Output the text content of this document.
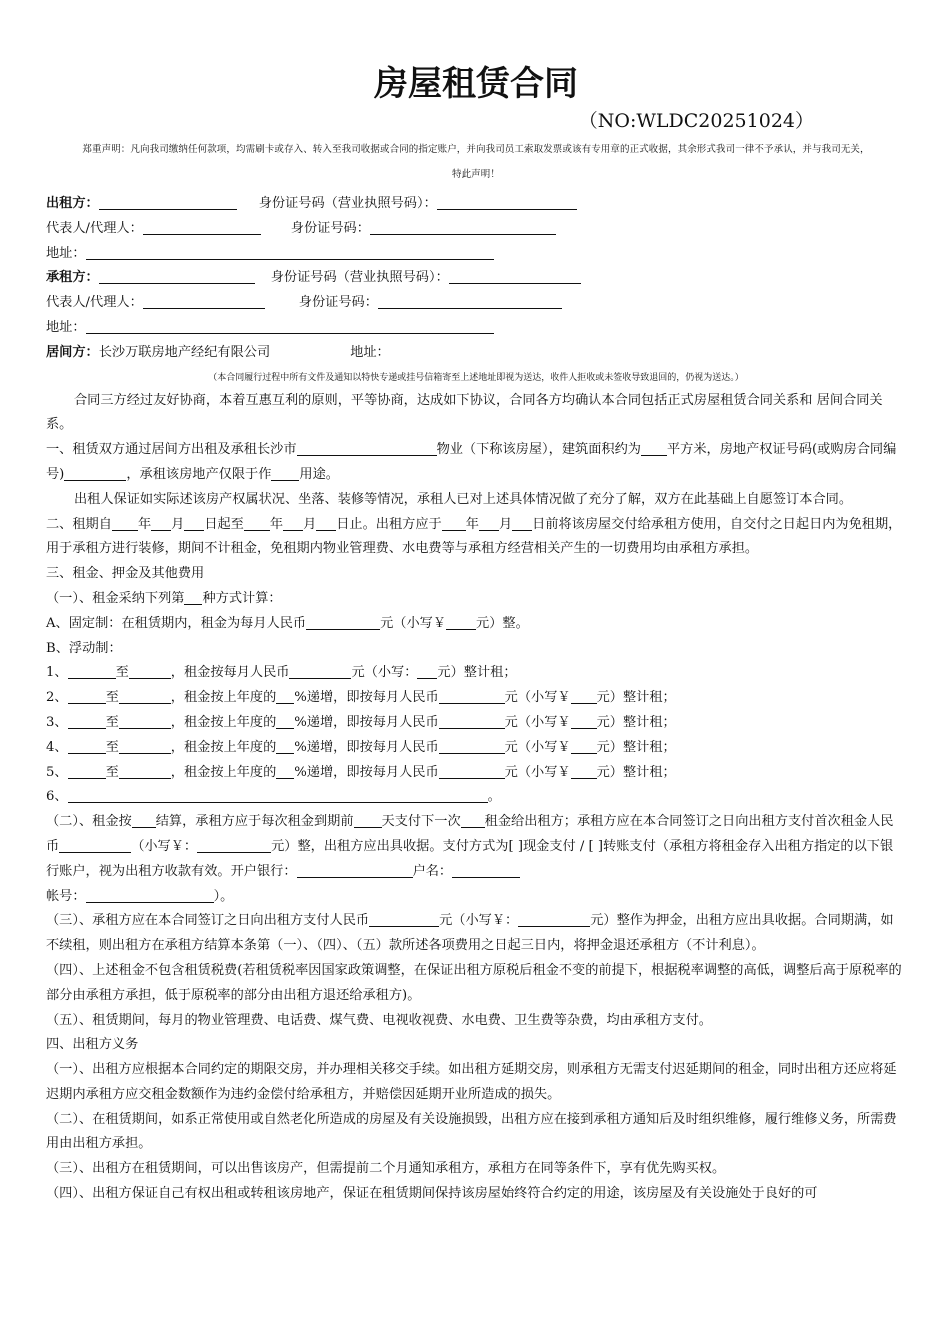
房屋租赁合同
（NO:WLDC20251024）
郑重声明：凡向我司缴纳任何款项，均需刷卡或存入、转入至我司收据或合同的指定账户，并向我司员工索取发票或该有专用章的正式收据，其余形式我司一律不予承认，并与我司无关，
特此声明！

出租方：	身份证号码（营业执照号码）：

代表人/代理人：	身份证号码：

地址：

承租方：	身份证号码（营业执照号码）：

代表人/代理人：	身份证号码：

地址：

居间方：长沙万联房地产经纪有限公司	地址：

（本合同履行过程中所有文件及通知以特快专递或挂号信箱寄至上述地址即视为送达，收件人拒收或未签收导致退回的，仍视为送达。）

合同三方经过友好协商，本着互惠互利的原则，平等协商，达成如下协议，合同各方均确认本合同包括正式房屋租赁合同关系和 居间合同关系。

一、租赁双方通过居间方出租及承租长沙市	物业（下称该房屋），建筑面积约为 平方米，房地产权证号码(或购房合同编号)	，承租该房地产仅限于作 用途。

出租人保证如实际述该房产权属状况、坐落、装修等情况，承租人已对上述具体情况做了充分了解，双方在此基础上自愿签订本合同。

二、租期自 年 月 日起至 年 月 日止。出租方应于 年 月 日前将该房屋交付给承租方使用，自交付之日起日内为免租期，用于承租方进行装修，期间不计租金，免租期内物业管理费、水电费等与承租方经营相关产生的一切费用均由承租方承担。

三、租金、押金及其他费用

（一）、租金采纳下列第 种方式计算：

A、固定制：在租赁期内，租金为每月人民币	元（小写￥ 元）整。

B、浮动制：

1、	至	，租金按每月人民币	元（小写： 元）整计租；

2、	至	，租金按上年度的 %递增，即按每月人民币	元（小写￥ 元）整计租；

3、	至	，租金按上年度的 %递增，即按每月人民币	元（小写￥ 元）整计租；

4、	至	，租金按上年度的 %递增，即按每月人民币	元（小写￥ 元）整计租；

5、	至	，租金按上年度的 %递增，即按每月人民币	元（小写￥ 元）整计租；

6、	。

（二）、租金按 结算，承租方应于每次租金到期前 天支付下一次 租金给出租方；承租方应在本合同签订之日向出租方支付首次租金人民币	（小写￥：	元）整，出租方应出具收据。支付方式为[ ]现金支付 / [ ]转账支付（承租方将租金存入出租方指定的以下银行账户，视为出租方收款有效。开户银行：	户名：

帐号：	）。

（三）、承租方应在本合同签订之日向出租方支付人民币	元（小写￥：	元）整作为押金，出租方应出具收据。合同期满，如不续租，则出租方在承租方结算本条第（一）、（四）、（五）款所述各项费用之日起三日内，将押金退还承租方（不计利息）。

（四）、上述租金不包含租赁税费(若租赁税率因国家政策调整，在保证出租方原税后租金不变的前提下，根据税率调整的高低，调整后高于原税率的部分由承租方承担，低于原税率的部分由出租方退还给承租方)。

（五）、租赁期间，每月的物业管理费、电话费、煤气费、电视收视费、水电费、卫生费等杂费，均由承租方支付。

四、出租方义务

（一）、出租方应根据本合同约定的期限交房，并办理相关移交手续。如出租方延期交房，则承租方无需支付迟延期间的租金，同时出租方还应将延迟期内承租方应交租金数额作为违约金偿付给承租方，并赔偿因延期开业所造成的损失。

（二）、在租赁期间，如系正常使用或自然老化所造成的房屋及有关设施损毁，出租方应在接到承租方通知后及时组织维修，履行维修义务，所需费用由出租方承担。

（三）、出租方在租赁期间，可以出售该房产，但需提前二个月通知承租方，承租方在同等条件下，享有优先购买权。

（四）、出租方保证自己有权出租或转租该房地产，保证在租赁期间保持该房屋始终符合约定的用途，该房屋及有关设施处于良好的可
